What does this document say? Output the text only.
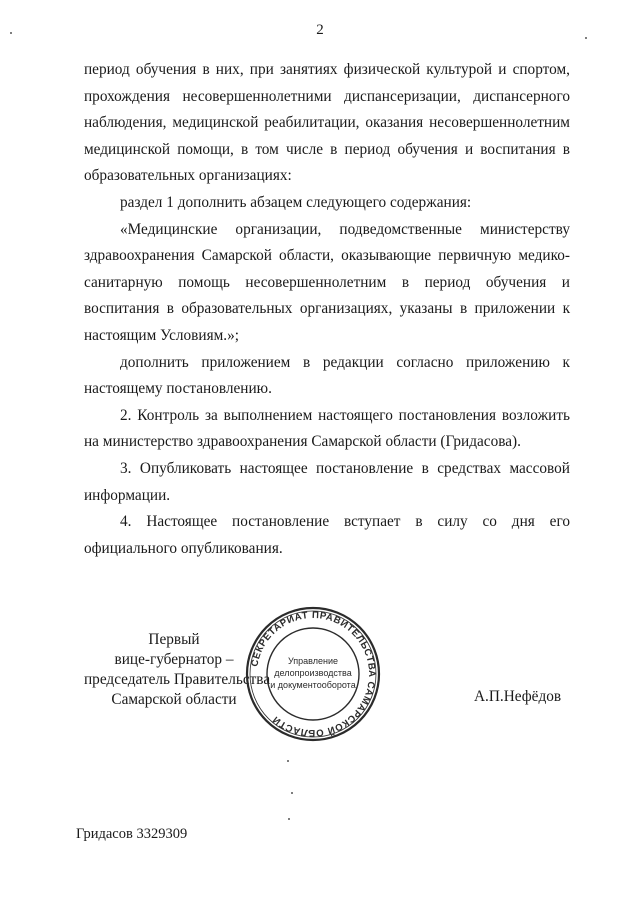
2

период обучения в них, при занятиях физической культурой и спортом, прохождения несовершеннолетними диспансеризации, диспансерного наблюдения, медицинской реабилитации, оказания несовершеннолетним медицинской помощи, в том числе в период обучения и воспитания в образовательных организациях:

раздел 1 дополнить абзацем следующего содержания:

«Медицинские организации, подведомственные министерству здравоохранения Самарской области, оказывающие первичную медико-санитарную помощь несовершеннолетним в период обучения и воспитания в образовательных организациях, указаны в приложении к настоящим Условиям.»;

дополнить приложением в редакции согласно приложению к настоящему постановлению.

2. Контроль за выполнением настоящего постановления возложить на министерство здравоохранения Самарской области (Гридасова).

3. Опубликовать настоящее постановление в средствах массовой информации.

4. Настоящее постановление вступает в силу со дня его официального опубликования.

Первый
вице-губернатор –
председатель Правительства
Самарской области
СЕКРЕТАРИАТ ПРАВИТЕЛЬСТВА САМАРСКОЙ ОБЛАСТИ
Управление
делопроизводства
и документооборота
А.П.Нефёдов
Гридасов 3329309
